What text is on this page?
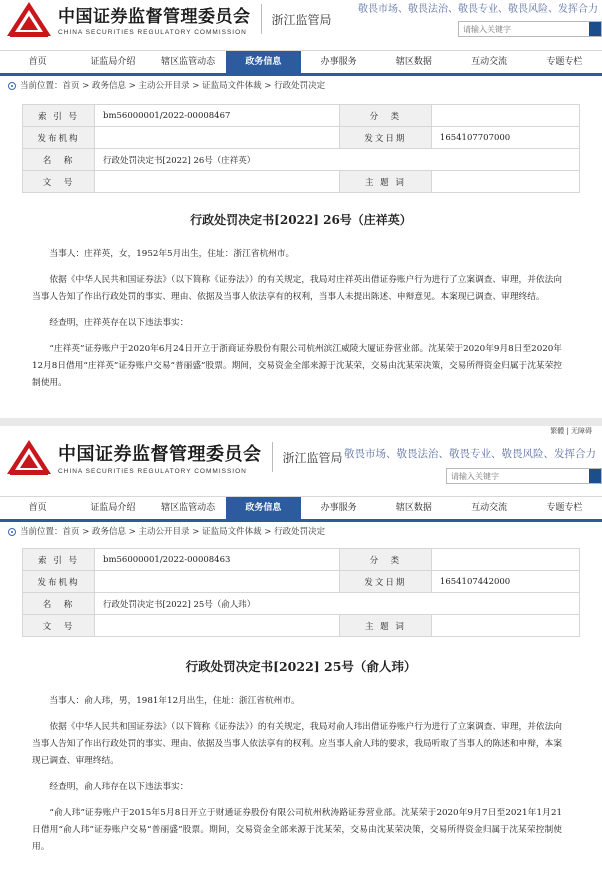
中国证券监督管理委员会
CHINA SECURITIES REGULATORY COMMISSION
浙江监管局
敬畏市场、敬畏法治、敬畏专业、敬畏风险、发挥合力
请输入关键字
首页	证监局介绍	辖区监管动态	政务信息	办事服务	辖区数据	互动交流	专题专栏
当前位置：首页 > 政务信息 > 主动公开目录 > 证监局文件体裁 > 行政处罚决定
索 引 号	bm56000001/2022-00008467	分　类	
发布机构		发文日期	1654107707000
名　称	行政处罚决定书[2022] 26号（庄祥英）		
文　号		主 题 词	
行政处罚决定书[2022] 26号（庄祥英）

当事人：庄祥英，女，1952年5月出生，住址：浙江省杭州市。

依据《中华人民共和国证券法》（以下简称《证券法》）的有关规定，我局对庄祥英出借证券账户行为进行了立案调查、审理，并依法向当事人告知了作出行政处罚的事实、理由、依据及当事人依法享有的权利，当事人未提出陈述、申辩意见。本案现已调查、审理终结。

经查明，庄祥英存在以下违法事实：

“庄祥英”证券账户于2020年6月24日开立于浙商证券股份有限公司杭州滨江威陵大厦证券营业部。沈某荣于2020年9月8日至2020年12月8日借用“庄祥英”证券账户交易“普丽盛”股票。期间，交易资金全部来源于沈某荣，交易由沈某荣决策，交易所得资金归属于沈某荣控制使用。

繁體 | 无障碍
中国证券监督管理委员会
CHINA SECURITIES REGULATORY COMMISSION
浙江监管局 敬畏市场、敬畏法治、敬畏专业、敬畏风险、发挥合力
请输入关键字
首页	证监局介绍	辖区监管动态	政务信息	办事服务	辖区数据	互动交流	专题专栏
当前位置：首页 > 政务信息 > 主动公开目录 > 证监局文件体裁 > 行政处罚决定
索 引 号	bm56000001/2022-00008463	分　类	
发布机构		发文日期	1654107442000
名　称	行政处罚决定书[2022] 25号（俞人玮）		
文　号		主 题 词	
行政处罚决定书[2022] 25号（俞人玮）

当事人：俞人玮，男，1981年12月出生，住址：浙江省杭州市。

依据《中华人民共和国证券法》（以下简称《证券法》）的有关规定，我局对俞人玮出借证券账户行为进行了立案调查、审理，并依法向当事人告知了作出行政处罚的事实、理由、依据及当事人依法享有的权利。应当事人俞人玮的要求，我局听取了当事人的陈述和申辩，本案现已调查、审理终结。

经查明，俞人玮存在以下违法事实：

“俞人玮”证券账户于2015年5月8日开立于财通证券股份有限公司杭州秋涛路证券营业部。沈某荣于2020年9月7日至2021年1月21日借用“俞人玮”证券账户交易“普丽盛”股票。期间，交易资金全部来源于沈某荣，交易由沈某荣决策，交易所得资金归属于沈某荣控制使用。
